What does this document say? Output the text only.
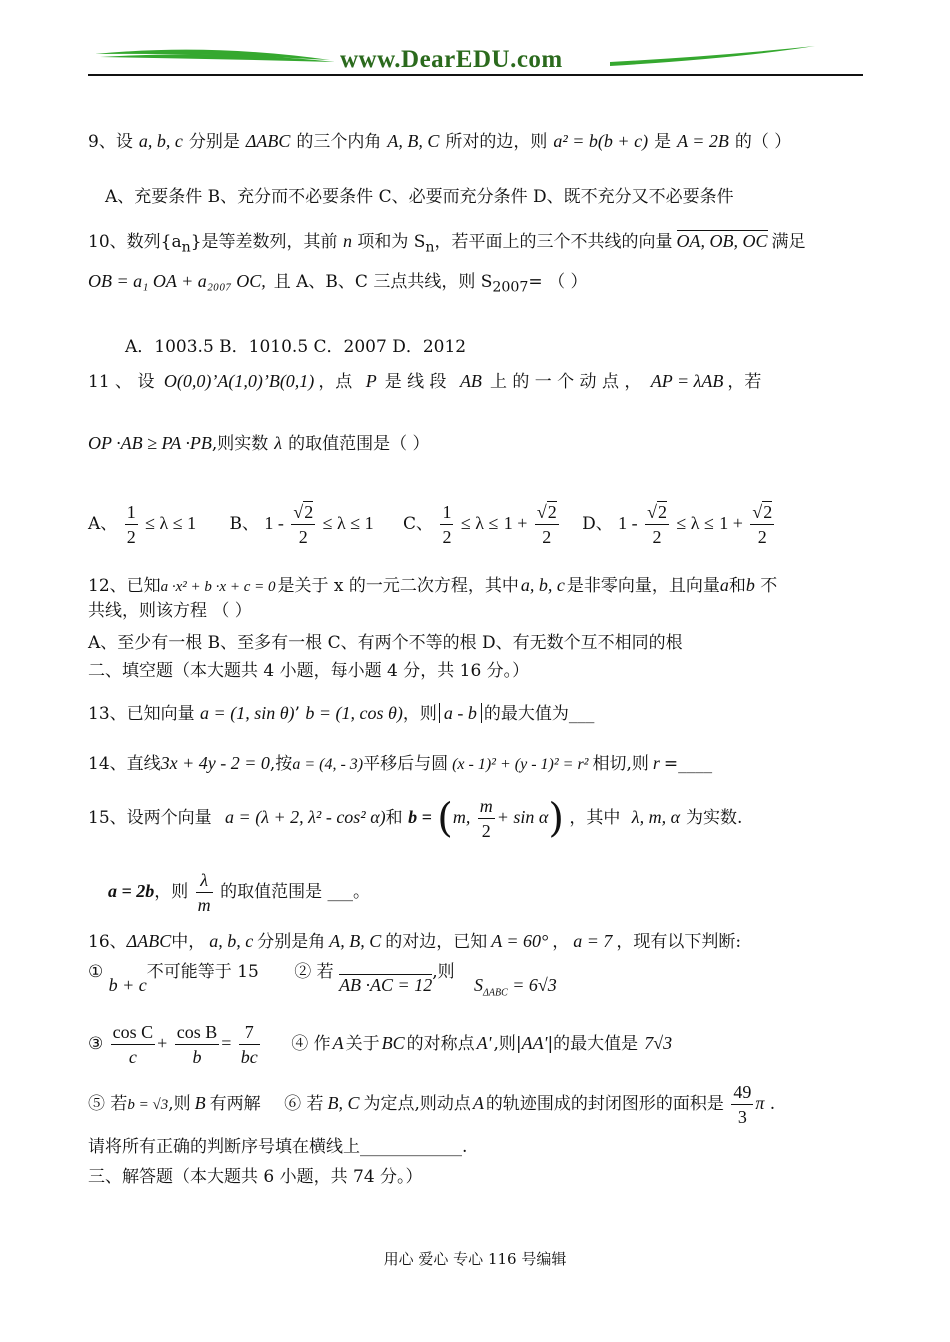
www.DearEDU.com
9、设 a, b, c 分别是 ΔABC 的三个内角 A, B, C 所对的边，则 a² = b(b + c) 是 A = 2B 的（ ）
A、充要条件 B、充分而不必要条件 C、必要而充分条件 D、既不充分又不必要条件
10、数列$\{a_n\}$是等差数列，其前 n 项和为 $S_n$，若平面上的三个不共线的向量 OA, OB, OC 满足
OB = a₁ OA + a₂₀₀₇ OC, 且 A、B、C 三点共线，则 $S_{2007}=$ （ ）
A．1003.5 B．1010.5 C．2007 D．2012
11 、 设 O(0,0)’A(1,0)’B(0,1) ，点 P 是 线 段 AB 上 的 一 个 动 点 ， AP = λAB ，若
OP ·AB ≥ PA ·PB,则实数 λ 的取值范围是（ ）
A、 $\frac{1}{2} \le \lambda \le 1$ B、 $1 - \frac{√2}{2} \le \lambda \le 1$ C、 $\frac{1}{2} \le \lambda \le 1 + \frac{√2}{2}$ D、 $1 - \frac{√2}{2} \le \lambda \le 1 + \frac{√2}{2}$
12、已知a ·x² + b ·x + c = 0 是关于 x 的一元二次方程，其中 a, b, c 是非零向量，且向量a和b 不
共线，则该方程 （ ）
A、至少有一根 B、至多有一根 C、有两个不等的根 D、有无数个互不相同的根
二、填空题（本大题共 4 小题，每小题 4 分，共 16 分。）
13、已知向量 a = (1, sin θ)’ b = (1, cos θ)，则 a - b 的最大值为___
14、直线3x + 4y - 2 = 0,按a = (4, - 3)平移后与圆 (x - 1)² + (y - 1)² = r² 相切,则 r =____
15、设两个向量 a = (λ + 2, λ² - cos² α)和 b = (m, $\frac{m}{2} + \sin \alpha$) ，其中 λ, m, α 为实数.
a = 2b，则 $\frac{\lambda}{m}$ 的取值范围是 ___。
16、ΔABC中， a, b, c 分别是角 A, B, C 的对边，已知 A = 60° ， a = 7 ，现有以下判断:
① b + c不可能等于 15 ② 若 AB ·AC = 12,则 $S_{\Delta ABC} = 6√3$
③ $\frac{\text{cos C}}{c} + \frac{\text{cos B}}{b} = \frac{7}{bc}$ ④ 作 A 关于 BC 的对称点 A' ,则|AA'|的最大值是 7√3
⑤ 若b = √3,则 B 有两解 ⑥ 若 B, C 为定点,则动点 A 的轨迹围成的封闭图形的面积是 $\frac{49}{3}$ π .
请将所有正确的判断序号填在横线上____________.
三、解答题（本大题共 6 小题，共 74 分。）
用心 爱心 专心 116 号编辑
